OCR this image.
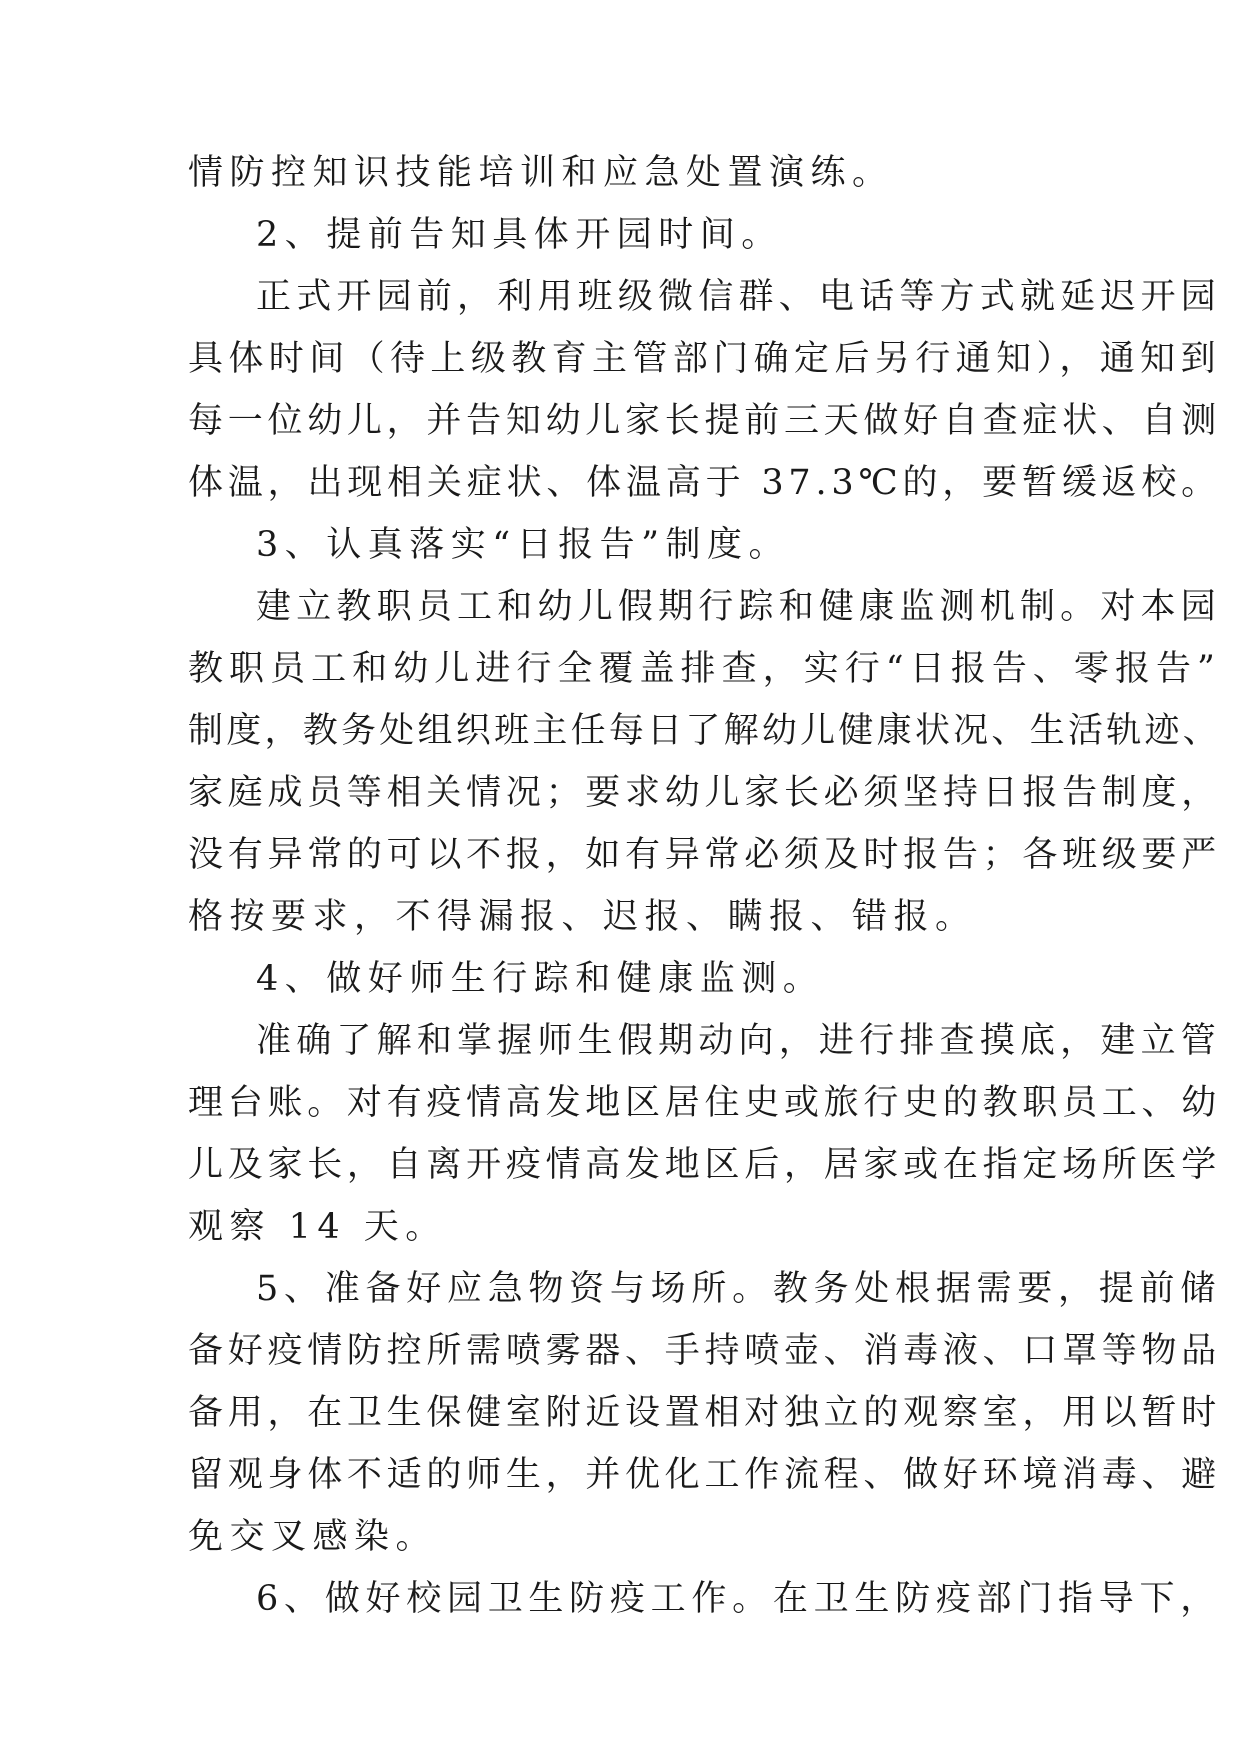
情防控知识技能培训和应急处置演练。
2、提前告知具体开园时间。
正式开园前，利用班级微信群、电话等方式就延迟开园
具体时间（待上级教育主管部门确定后另行通知），通知到
每一位幼儿，并告知幼儿家长提前三天做好自查症状、自测
体温，出现相关症状、体温高于 37.3℃的，要暂缓返校。
3、认真落实“日报告”制度。
建立教职员工和幼儿假期行踪和健康监测机制。对本园
教职员工和幼儿进行全覆盖排查，实行“日报告、零报告”
制度，教务处组织班主任每日了解幼儿健康状况、生活轨迹、
家庭成员等相关情况；要求幼儿家长必须坚持日报告制度，
没有异常的可以不报，如有异常必须及时报告；各班级要严
格按要求，不得漏报、迟报、瞒报、错报。
4、做好师生行踪和健康监测。
准确了解和掌握师生假期动向，进行排查摸底，建立管
理台账。对有疫情高发地区居住史或旅行史的教职员工、幼
儿及家长，自离开疫情高发地区后，居家或在指定场所医学
观察 14 天。
5、准备好应急物资与场所。教务处根据需要，提前储
备好疫情防控所需喷雾器、手持喷壶、消毒液、口罩等物品
备用，在卫生保健室附近设置相对独立的观察室，用以暂时
留观身体不适的师生，并优化工作流程、做好环境消毒、避
免交叉感染。
6、做好校园卫生防疫工作。在卫生防疫部门指导下，
